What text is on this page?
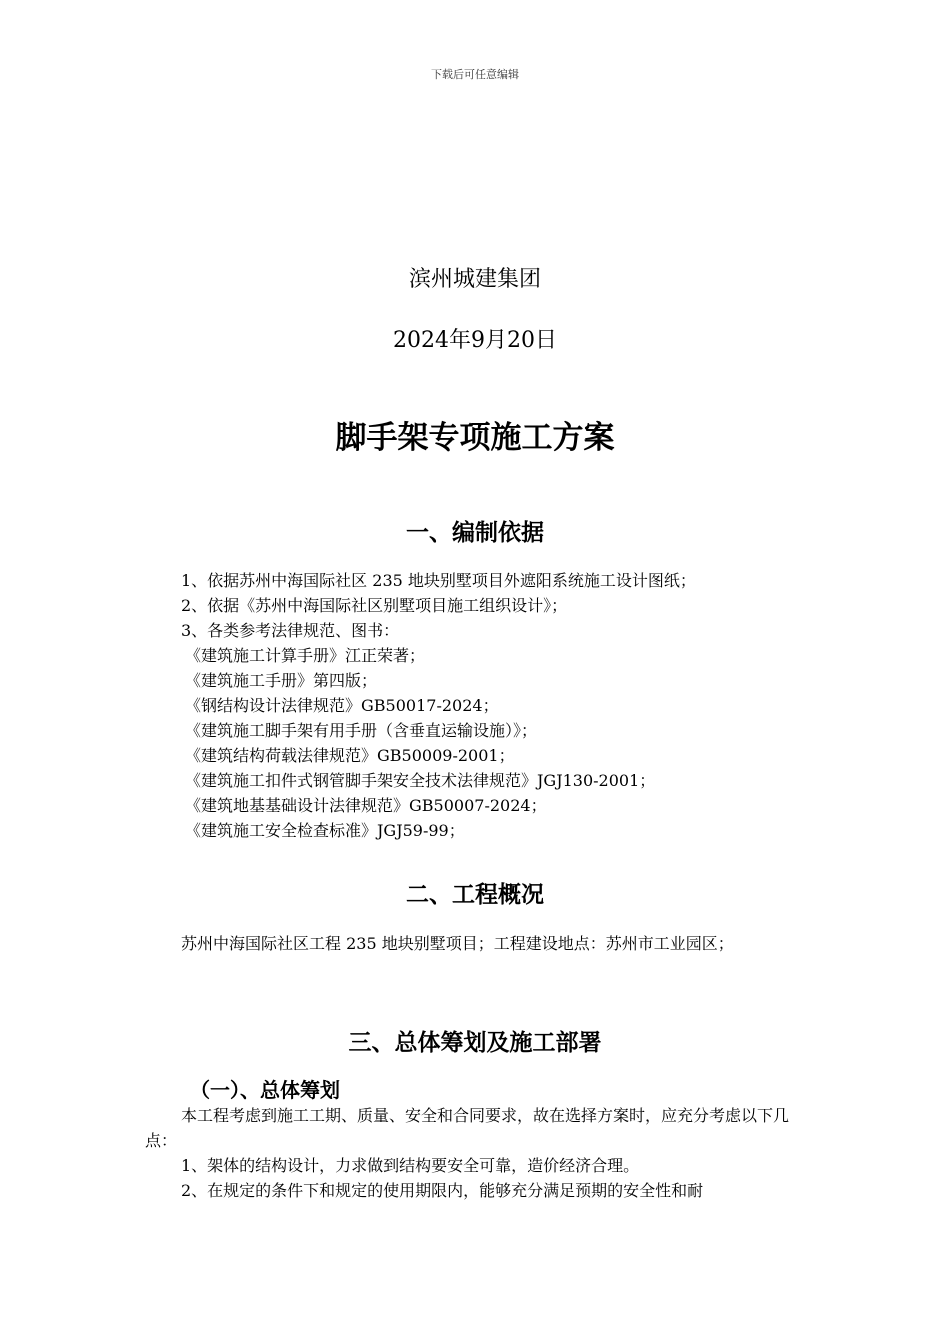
下载后可任意编辑
滨州城建集团
2024年9月20日
脚手架专项施工方案
一、编制依据
1、依据苏州中海国际社区 235 地块别墅项目外遮阳系统施工设计图纸；
2、依据《苏州中海国际社区别墅项目施工组织设计》；
3、各类参考法律规范、图书：
《建筑施工计算手册》江正荣著；
《建筑施工手册》第四版；
《钢结构设计法律规范》GB50017-2024；
《建筑施工脚手架有用手册（含垂直运输设施）》；
《建筑结构荷载法律规范》GB50009-2001；
《建筑施工扣件式钢管脚手架安全技术法律规范》JGJ130-2001；
《建筑地基基础设计法律规范》GB50007-2024；
《建筑施工安全检查标准》JGJ59-99；
二、工程概况
苏州中海国际社区工程 235 地块别墅项目；工程建设地点：苏州市工业园区；
三、总体筹划及施工部署
（一）、总体筹划
本工程考虑到施工工期、质量、安全和合同要求，故在选择方案时，应充分考虑以下几点：
1、架体的结构设计，力求做到结构要安全可靠，造价经济合理。
2、在规定的条件下和规定的使用期限内，能够充分满足预期的安全性和耐
